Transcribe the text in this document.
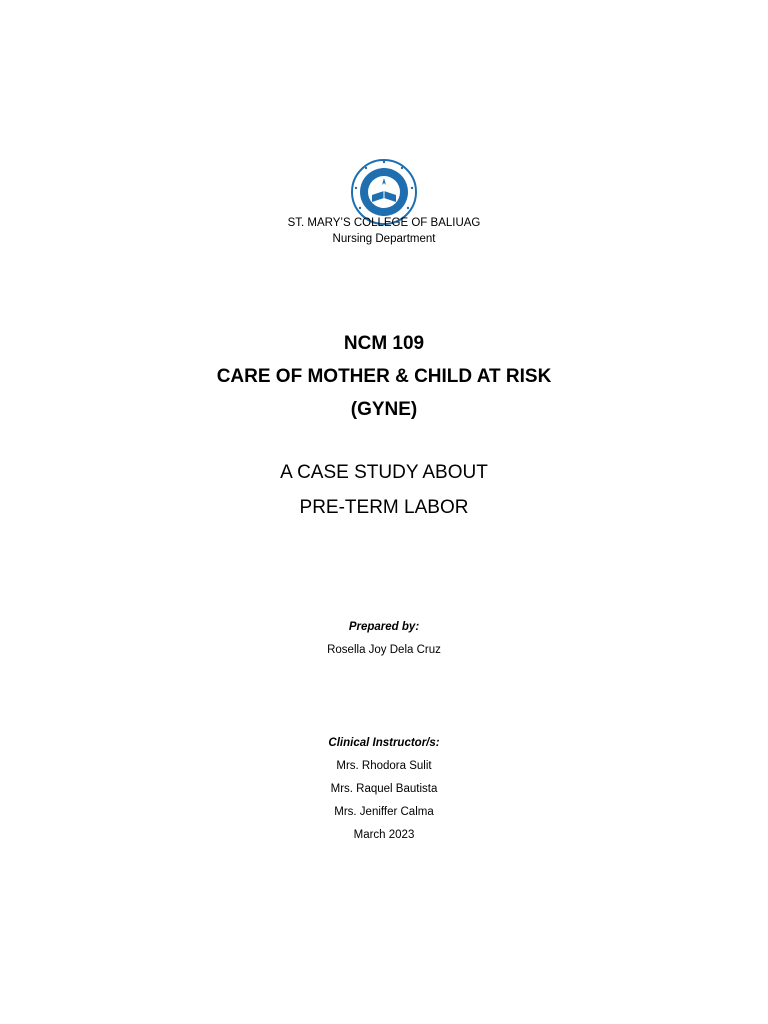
ST. MARY’S COLLEGE OF BALIUAG
Nursing Department
NCM 109
CARE OF MOTHER & CHILD AT RISK
(GYNE)
A CASE STUDY ABOUT
PRE-TERM LABOR
Prepared by:
Rosella Joy Dela Cruz
Clinical Instructor/s:
Mrs. Rhodora Sulit
Mrs. Raquel Bautista
Mrs. Jeniffer Calma
March 2023
